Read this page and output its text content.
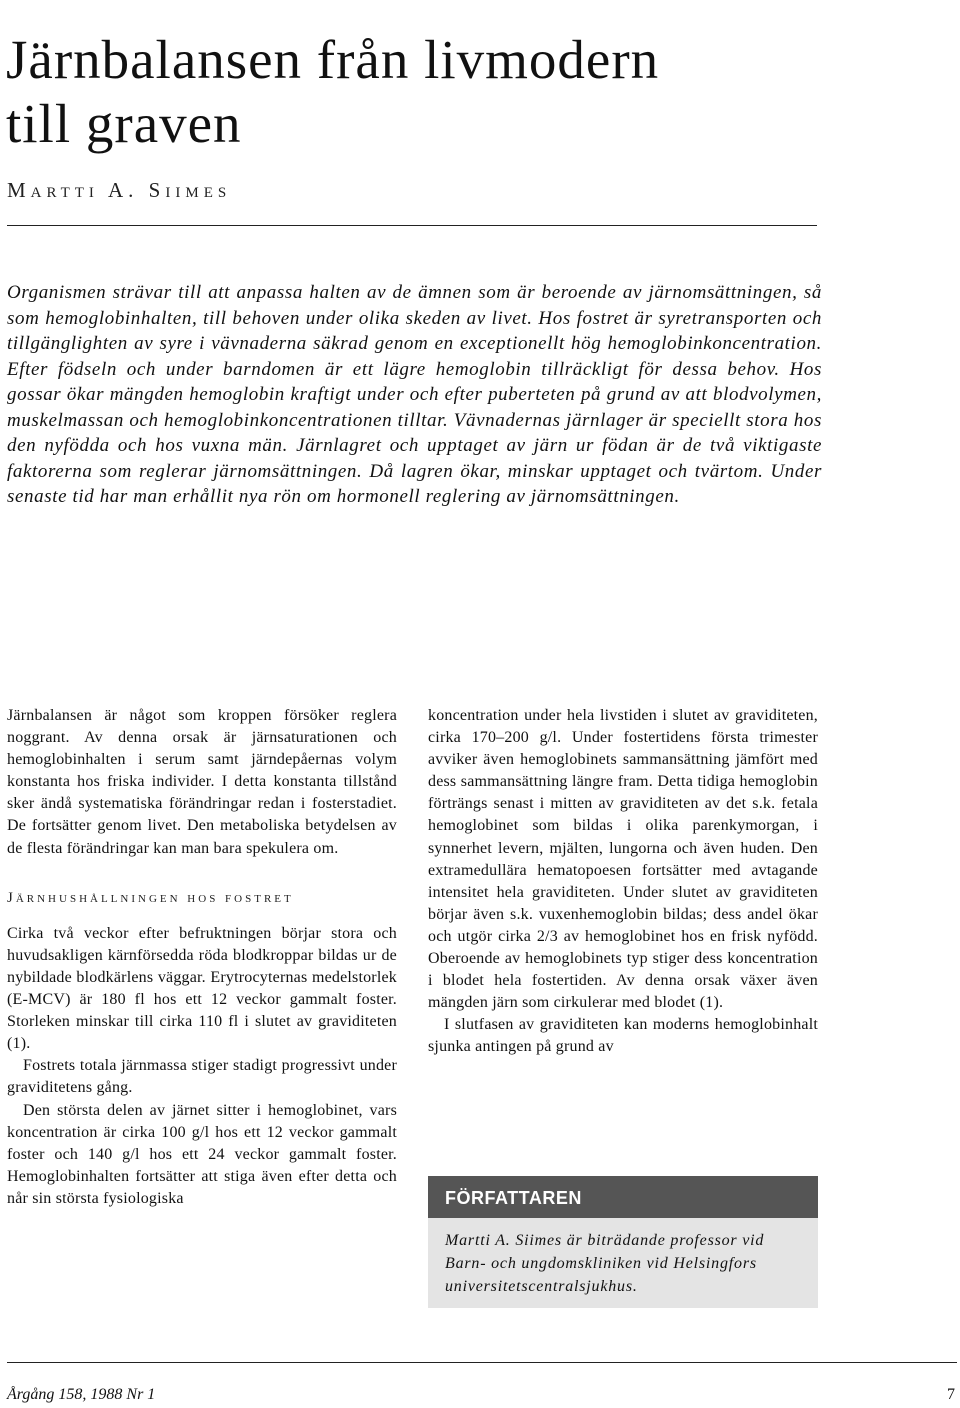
Järnbalansen från livmodern
till graven
Martti A. Siimes

Organismen strävar till att anpassa halten av de ämnen som är beroende av järnomsättningen, så som hemoglobinhalten, till behoven under olika skeden av livet. Hos fostret är syretransporten och tillgänglighten av syre i vävnaderna säkrad genom en exceptionellt hög hemoglobinkoncentration. Efter födseln och under barndomen är ett lägre hemoglobin tillräckligt för dessa behov. Hos gossar ökar mängden hemoglobin kraftigt under och efter puberteten på grund av att blodvolymen, muskelmassan och hemoglobinkoncentrationen tilltar. Vävnadernas järnlager är speciellt stora hos den nyfödda och hos vuxna män. Järnlagret och upptaget av järn ur födan är de två viktigaste faktorerna som reglerar järnomsättningen. Då lagren ökar, minskar upptaget och tvärtom. Under senaste tid har man erhållit nya rön om hormonell reglering av järnomsättningen.

Järnbalansen är något som kroppen försöker reglera noggrant. Av denna orsak är järnsaturationen och hemoglobinhalten i serum samt järndepåernas volym konstanta hos friska individer. I detta konstanta tillstånd sker ändå systematiska förändringar redan i fosterstadiet. De fortsätter genom livet. Den metaboliska betydelsen av de flesta förändringar kan man bara spekulera om.

Järnhushållningen hos fostret

Cirka två veckor efter befruktningen börjar stora och huvudsakligen kärnförsedda röda blodkroppar bildas ur de nybildade blodkärlens väggar. Erytrocyternas medelstorlek (E-MCV) är 180 fl hos ett 12 veckor gammalt foster. Storleken minskar till cirka 110 fl i slutet av graviditeten (1).

Fostrets totala järnmassa stiger stadigt progressivt under graviditetens gång.

Den största delen av järnet sitter i hemoglobinet, vars koncentration är cirka 100 g/l hos ett 12 veckor gammalt foster och 140 g/l hos ett 24 veckor gammalt foster. Hemoglobinhalten fortsätter att stiga även efter detta och når sin största fysiologiska

koncentration under hela livstiden i slutet av graviditeten, cirka 170–200 g/l. Under fostertidens första trimester avviker även hemoglobinets sammansättning jämfört med dess sammansättning längre fram. Detta tidiga hemoglobin förträngs senast i mitten av graviditeten av det s.k. fetala hemoglobinet som bildas i olika parenkymorgan, i synnerhet levern, mjälten, lungorna och även huden. Den extramedullära hematopoesen fortsätter med avtagande intensitet hela graviditeten. Under slutet av graviditeten börjar även s.k. vuxenhemoglobin bildas; dess andel ökar och utgör cirka 2/3 av hemoglobinet hos en frisk nyfödd. Oberoende av hemoglobinets typ stiger dess koncentration i blodet hela fostertiden. Av denna orsak växer även mängden järn som cirkulerar med blodet (1).

I slutfasen av graviditeten kan moderns hemoglobinhalt sjunka antingen på grund av

FÖRFATTAREN
Martti A. Siimes är biträdande professor vid Barn- och ungdomskliniken vid Helsingfors universitetscentralsjukhus.
Årgång 158, 1988 Nr 1	7
